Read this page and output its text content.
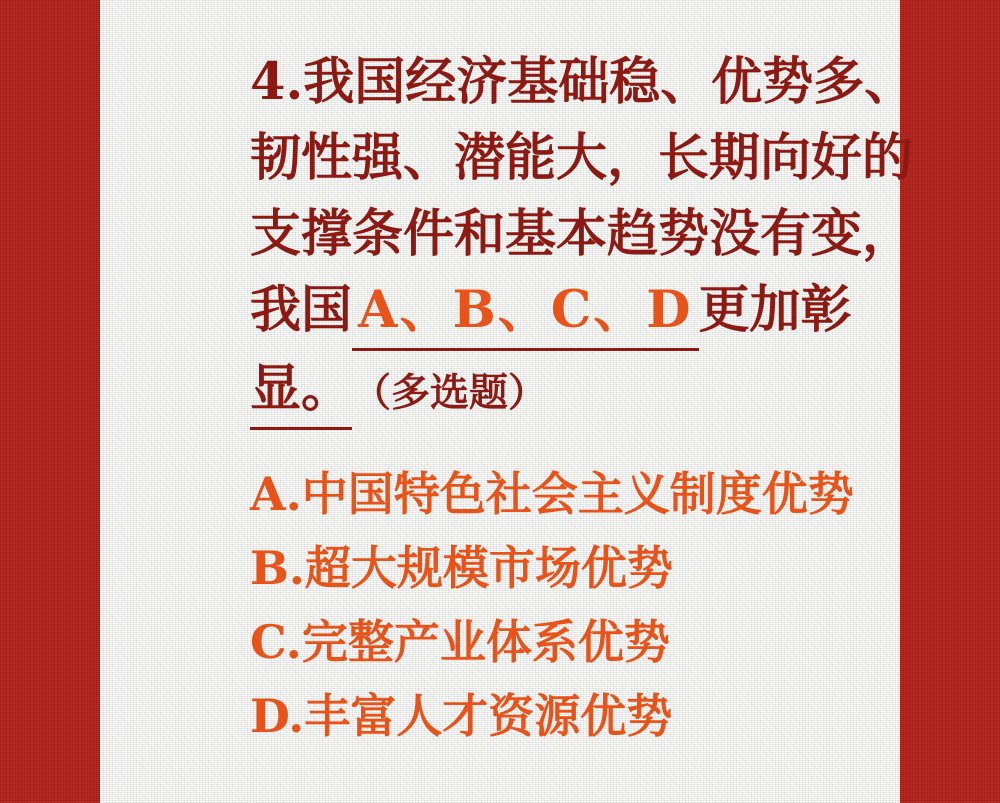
4.我国经济基础稳、优势多、
韧性强、潜能大，长期向好的
支撑条件和基本趋势没有变，
我国 A、B、C、D 更加彰
显。（多选题）
A.中国特色社会主义制度优势
B.超大规模市场优势
C.完整产业体系优势
D.丰富人才资源优势
